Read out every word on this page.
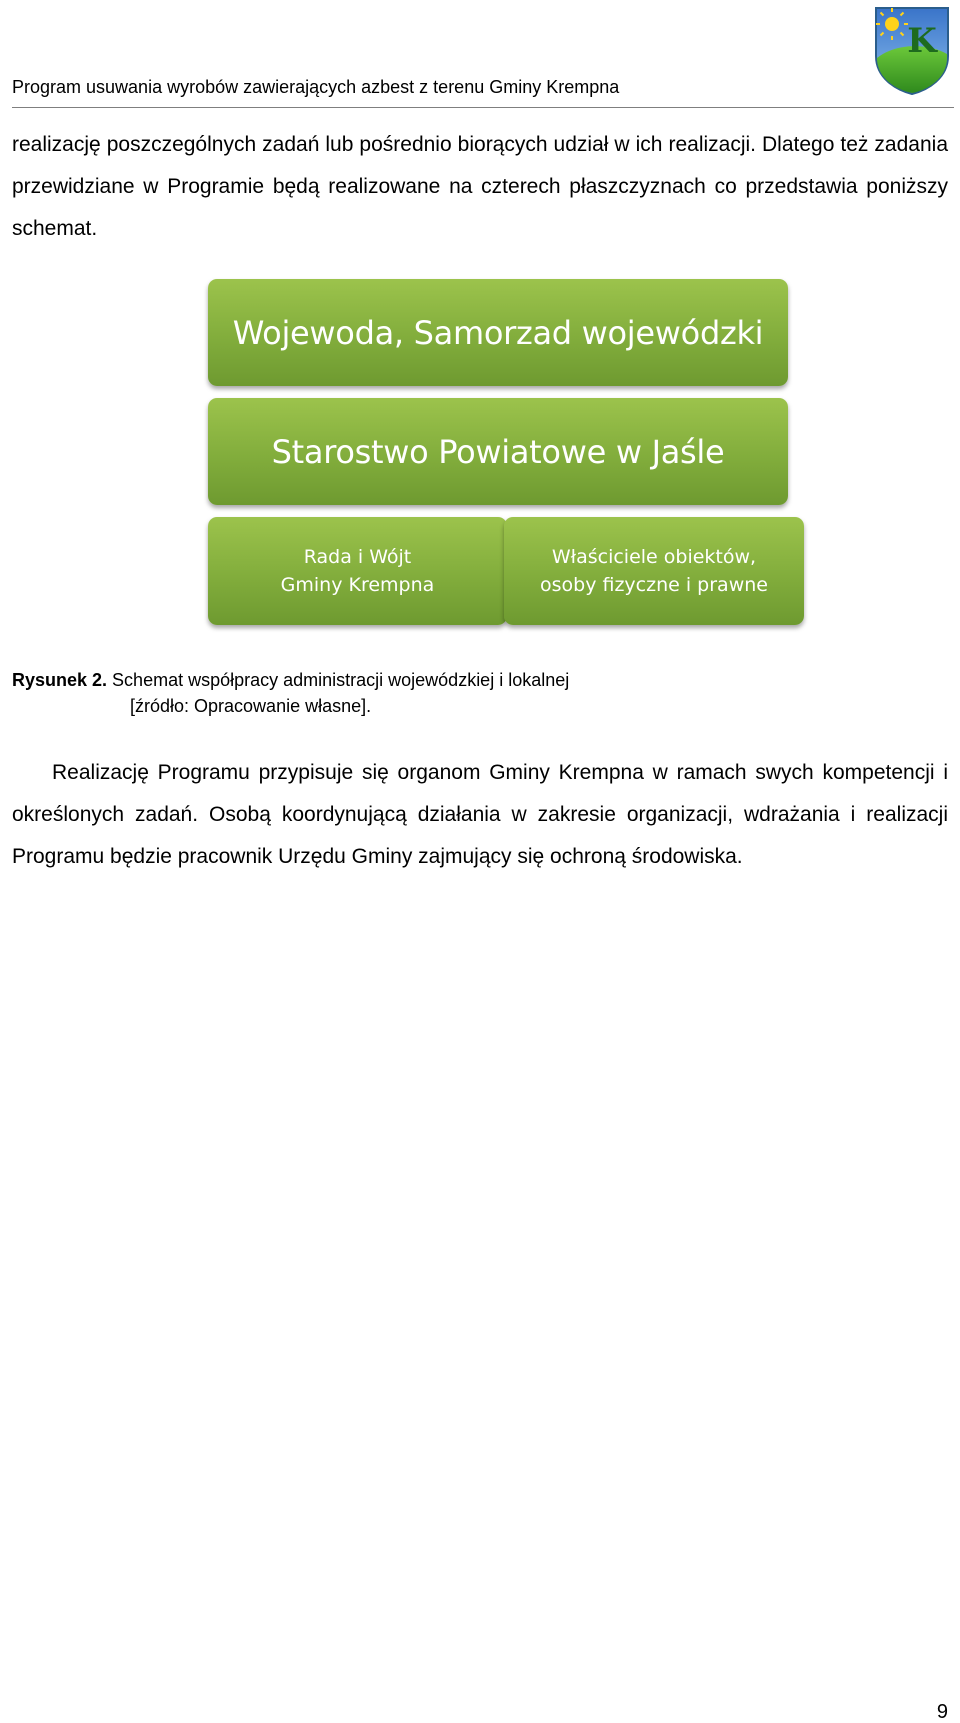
Program usuwania wyrobów zawierających azbest z terenu Gminy Krempna
K

realizację poszczególnych zadań lub pośrednio biorących udział w ich realizacji. Dlatego też zadania przewidziane w Programie będą realizowane na czterech płaszczyznach co przedstawia poniższy schemat.

Wojewoda, Samorzad wojewódzki
Starostwo Powiatowe w Jaśle
Rada i Wójt
Gminy Krempna
Właściciele obiektów,
osoby fizyczne i prawne
Rysunek 2. Schemat współpracy administracji wojewódzkiej i lokalnej
[źródło: Opracowanie własne].

Realizację Programu przypisuje się organom Gminy Krempna w ramach swych kompetencji i określonych zadań. Osobą koordynującą działania w zakresie organizacji, wdrażania i realizacji Programu będzie pracownik Urzędu Gminy zajmujący się ochroną środowiska.

9
